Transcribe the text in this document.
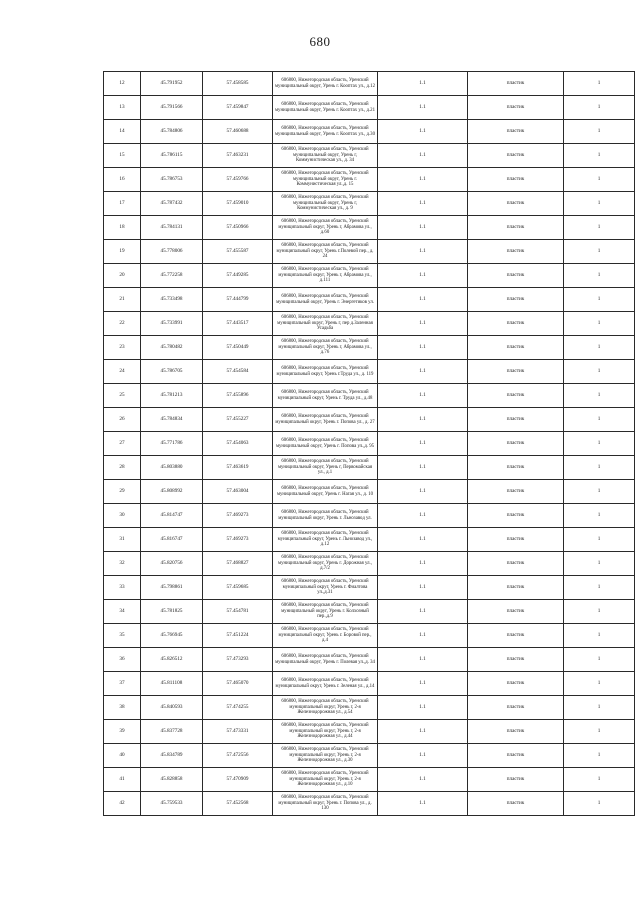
680
12	45.791952	57.458585	606800, Нижегородская область, Уренский муниципальный округ, Урень г. Кооптах ул., д.12	1.1	пластик	1
13	45.791566	57.459847	606800, Нижегородская область, Уренский муниципальный округ, Урень г. Кооптах ул., д.21	1.1	пластик	1
14	45.784806	57.460688	606800, Нижегородская область, Уренский муниципальный округ, Урень г. Кооптах ул., д.30	1.1	пластик	1
15	45.786115	57.463231	606800, Нижегородская область, Уренский муниципальный округ, Урень г, Коммунистическая ул., д. 34	1.1	пластик	1
16	45.786753	57.459766	606800, Нижегородская область, Уренский муниципальный округ, Урень г. Коммунистическая ул.,д. 15	1.1	пластик	1
17	45.787432	57.459010	606800, Нижегородская область, Уренский муниципальный округ, Урень г, Коммунистическая ул., д. 9	1.1	пластик	1
18	45.784131	57.450966	606800, Нижегородская область, Уренский муниципальный округ, Урень г, Абрамова ул., д.60	1.1	пластик	1
19	45.778006	57.455587	606800, Нижегородская область, Уренский муниципальный округ, Урень г.Полевой пер., д. 24	1.1	пластик	1
20	45.772258	57.449285	606800, Нижегородская область, Уренский муниципальный округ, Урень г, Абрамова ул., д.111	1.1	пластик	1
21	45.733498	57.444799	606800, Нижегородская область, Уренский муниципальный округ, Урень г. Энергетиков ул.	1.1	пластик	1
22	45.733991	57.443517	606800, Нижегородская область, Уренский муниципальный округ, Урень г, пер д.Заленная Усадьба	1.1	пластик	1
23	45.780482	57.450449	606800, Нижегородская область, Уренский муниципальный округ, Урень г, Абрамова ул., д.76	1.1	пластик	1
24	45.786705	57.454584	606800, Нижегородская область, Уренский муниципальный округ, Урень г.Труда ул., д. 119	1.1	пластик	1
25	45.781213	57.455896	606800, Нижегородская область, Уренский муниципальный округ, Урень г. Труда ул., д.48	1.1	пластик	1
26	45.784834	57.455227	606800, Нижегородская область, Уренский муниципальный округ, Урень г. Попова ул., д. 27	1.1	пластик	1
27	45.771786	57.454063	606800, Нижегородская область, Уренский муниципальный округ, Урень г. Попова ул.,д. 95	1.1	пластик	1
28	45.803880	57.463619	606800, Нижегородская область, Уренский муниципальный округ, Урень г, Первомайская ул., д.1	1.1	пластик	1
29	45.808992	57.463004	606800, Нижегородская область, Уренский муниципальный округ, Урень г. Нагая ул., д. 10	1.1	пластик	1
30	45.814747	57.469273	606800, Нижегородская область, Уренский муниципальный округ, Урень г. Льнозавод ул.	1.1	пластик	1
31	45.816747	57.469273	606800, Нижегородская область, Уренский муниципальный округ, Урень г. Льнозавод ул., д.12	1.1	пластик	1
32	45.820756	57.468827	606800, Нижегородская область, Уренский муниципальный округ, Урень г. Дорожная ул., д.7/2	1.1	пластик	1
33	45.798861	57.459685	606800, Нижегородская область, Уренский муниципальный округ, Урень г. Фиалтова ул.,д.31	1.1	пластик	1
34	45.781825	57.454781	606800, Нижегородская область, Уренский муниципальный округ, Урень г. Колхозный пер.,д.9	1.1	пластик	1
35	45.766945	57.451224	606800, Нижегородская область, Уренский муниципальный округ, Урень г. Боровой пер., д.4	1.1	пластик	1
36	45.826512	57.473293	606800, Нижегородская область, Уренский муниципальный округ, Урень г. Полевая ул.,д. 34	1.1	пластик	1
37	45.811108	57.465070	606800, Нижегородская область, Уренский муниципальный округ, Урень г. Зеленая ул., д.14	1.1	пластик	1
38	45.840593	57.474255	606800, Нижегородская область, Уренский муниципальный округ, Урень г, 2-я Железнодорожная ул., д.54	1.1	пластик	1
39	45.837728	57.473331	606800, Нижегородская область, Уренский муниципальный округ, Урень г, 2-я Железнодорожная ул., д.44	1.1	пластик	1
40	45.834789	57.472556	606800, Нижегородская область, Уренский муниципальный округ, Урень г, 2-я Железнодорожная ул., д.30	1.1	пластик	1
41	45.828858	57.470909	606800, Нижегородская область, Уренский муниципальный округ, Урень г, 2-я Железнодорожная ул., д.10	1.1	пластик	1
42	45.759533	57.452568	606800, Нижегородская область, Уренский муниципальный округ, Урень г. Попова ул., д. 130	1.1	пластик	1
